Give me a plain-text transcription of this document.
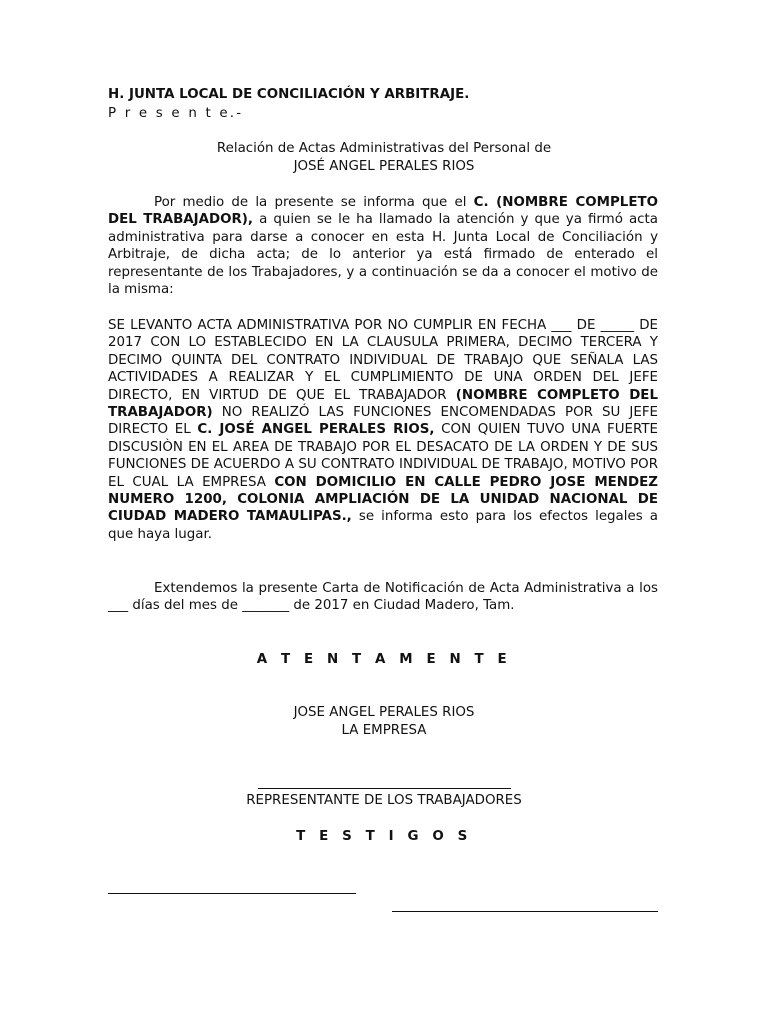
H. JUNTA LOCAL DE CONCILIACIÓN Y ARBITRAJE.
P r e s e n t e.-
Relación de Actas Administrativas del Personal de
JOSÉ ANGEL PERALES RIOS
Por medio de la presente se informa que el C. (NOMBRE COMPLETO DEL TRABAJADOR), a quien se le ha llamado la atención y que ya firmó acta administrativa para darse a conocer en esta H. Junta Local de Conciliación y Arbitraje, de dicha acta; de lo anterior ya está firmado de enterado el representante de los Trabajadores, y a continuación se da a conocer el motivo de la misma:
SE LEVANTO ACTA ADMINISTRATIVA POR NO CUMPLIR EN FECHA ___ DE _____ DE 2017 CON LO ESTABLECIDO EN LA CLAUSULA PRIMERA, DECIMO TERCERA Y DECIMO QUINTA DEL CONTRATO INDIVIDUAL DE TRABAJO QUE SEÑALA LAS ACTIVIDADES A REALIZAR Y EL CUMPLIMIENTO DE UNA ORDEN DEL JEFE DIRECTO, EN VIRTUD DE QUE EL TRABAJADOR (NOMBRE COMPLETO DEL TRABAJADOR) NO REALIZÓ LAS FUNCIONES ENCOMENDADAS POR SU JEFE DIRECTO EL C. JOSÉ ANGEL PERALES RIOS, CON QUIEN TUVO UNA FUERTE DISCUSIÒN EN EL AREA DE TRABAJO POR EL DESACATO DE LA ORDEN Y DE SUS FUNCIONES DE ACUERDO A SU CONTRATO INDIVIDUAL DE TRABAJO, MOTIVO POR EL CUAL LA EMPRESA CON DOMICILIO EN CALLE PEDRO JOSE MENDEZ NUMERO 1200, COLONIA AMPLIACIÓN DE LA UNIDAD NACIONAL DE CIUDAD MADERO TAMAULIPAS., se informa esto para los efectos legales a que haya lugar.
Extendemos la presente Carta de Notificación de Acta Administrativa a los ___ días del mes de _______ de 2017 en Ciudad Madero, Tam.
A T E N T A M E N T E
JOSE ANGEL PERALES RIOS
LA EMPRESA
REPRESENTANTE DE LOS TRABAJADORES
T E S T I G O S
